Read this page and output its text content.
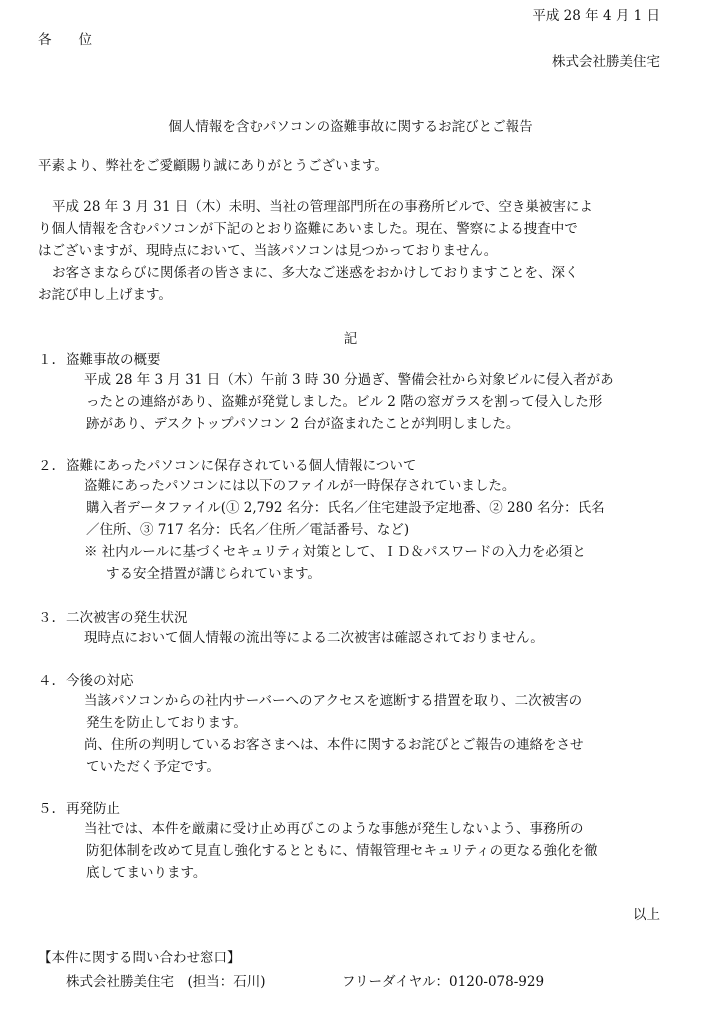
平成 28 年 4 月 1 日
各　　位
株式会社勝美住宅
個人情報を含むパソコンの盗難事故に関するお詫びとご報告
平素より、弊社をご愛顧賜り誠にありがとうございます。
平成 28 年 3 月 31 日（木）未明、当社の管理部門所在の事務所ビルで、空き巣被害によ
り個人情報を含むパソコンが下記のとおり盗難にあいました。現在、警察による捜査中で
はございますが、現時点において、当該パソコンは見つかっておりません。
お客さまならびに関係者の皆さまに、多大なご迷惑をおかけしておりますことを、深く
お詫び申し上げます。
記
１. 盗難事故の概要
平成 28 年 3 月 31 日（木）午前 3 時 30 分過ぎ、警備会社から対象ビルに侵入者があ
ったとの連絡があり、盗難が発覚しました。ビル 2 階の窓ガラスを割って侵入した形
跡があり、デスクトップパソコン 2 台が盗まれたことが判明しました。
２. 盗難にあったパソコンに保存されている個人情報について
盗難にあったパソコンには以下のファイルが一時保存されていました。
購入者データファイル(① 2,792 名分：氏名／住宅建設予定地番、② 280 名分：氏名
／住所、③ 717 名分：氏名／住所／電話番号、など)
※ 社内ルールに基づくセキュリティ対策として、ＩＤ＆パスワードの入力を必須と
する安全措置が講じられています。
３. 二次被害の発生状況
現時点において個人情報の流出等による二次被害は確認されておりません。
４. 今後の対応
当該パソコンからの社内サーバーへのアクセスを遮断する措置を取り、二次被害の
発生を防止しております。
尚、住所の判明しているお客さまへは、本件に関するお詫びとご報告の連絡をさせ
ていただく予定です。
５. 再発防止
当社では、本件を厳粛に受け止め再びこのような事態が発生しないよう、事務所の
防犯体制を改めて見直し強化するとともに、情報管理セキュリティの更なる強化を徹
底してまいります。
以上
【本件に関する問い合わせ窓口】
株式会社勝美住宅　(担当：石川)	フリーダイヤル：0120-078-929
